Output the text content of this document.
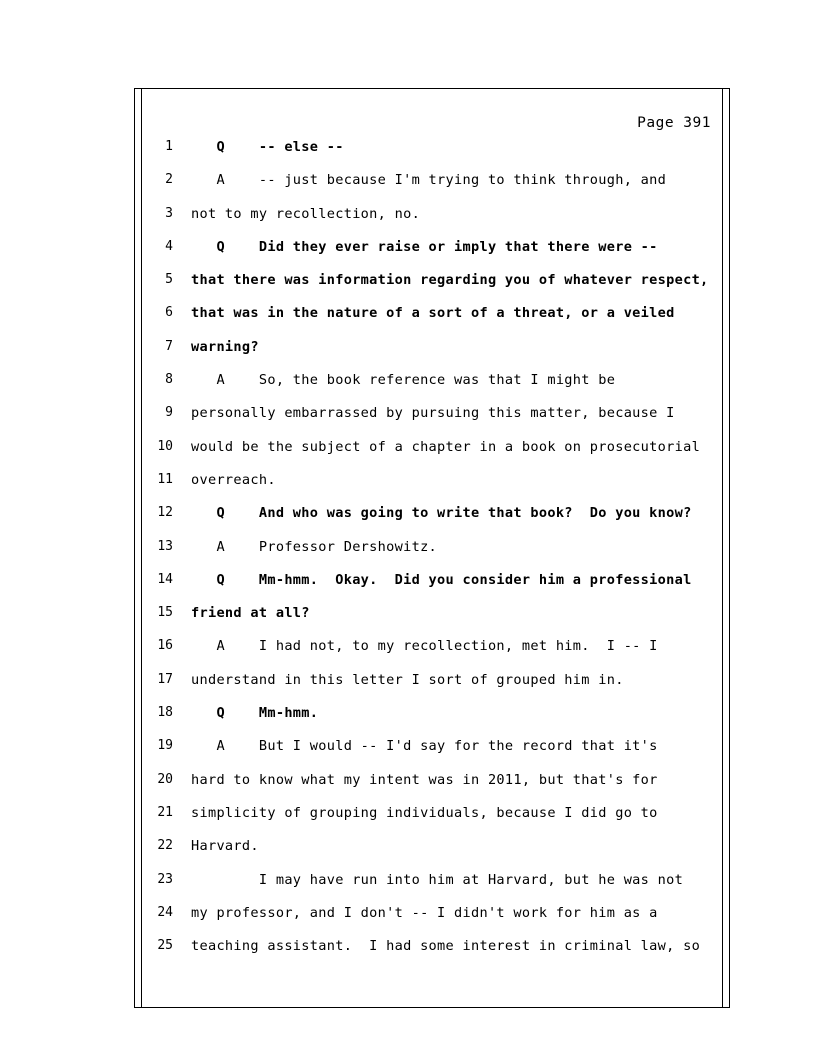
Page 391

1

Q    -- else --

2

A    -- just because I'm trying to think through, and

3

not to my recollection, no.

4

Q    Did they ever raise or imply that there were --

5

that there was information regarding you of whatever respect,

6

that was in the nature of a sort of a threat, or a veiled

7

warning?

8

A    So, the book reference was that I might be

9

personally embarrassed by pursuing this matter, because I

10

would be the subject of a chapter in a book on prosecutorial

11

overreach.

12

Q    And who was going to write that book?  Do you know?

13

A    Professor Dershowitz.

14

Q    Mm-hmm.  Okay.  Did you consider him a professional

15

friend at all?

16

A    I had not, to my recollection, met him.  I -- I

17

understand in this letter I sort of grouped him in.

18

Q    Mm-hmm.

19

A    But I would -- I'd say for the record that it's

20

hard to know what my intent was in 2011, but that's for

21

simplicity of grouping individuals, because I did go to

22

Harvard.

23

I may have run into him at Harvard, but he was not

24

my professor, and I don't -- I didn't work for him as a

25

teaching assistant.  I had some interest in criminal law, so
